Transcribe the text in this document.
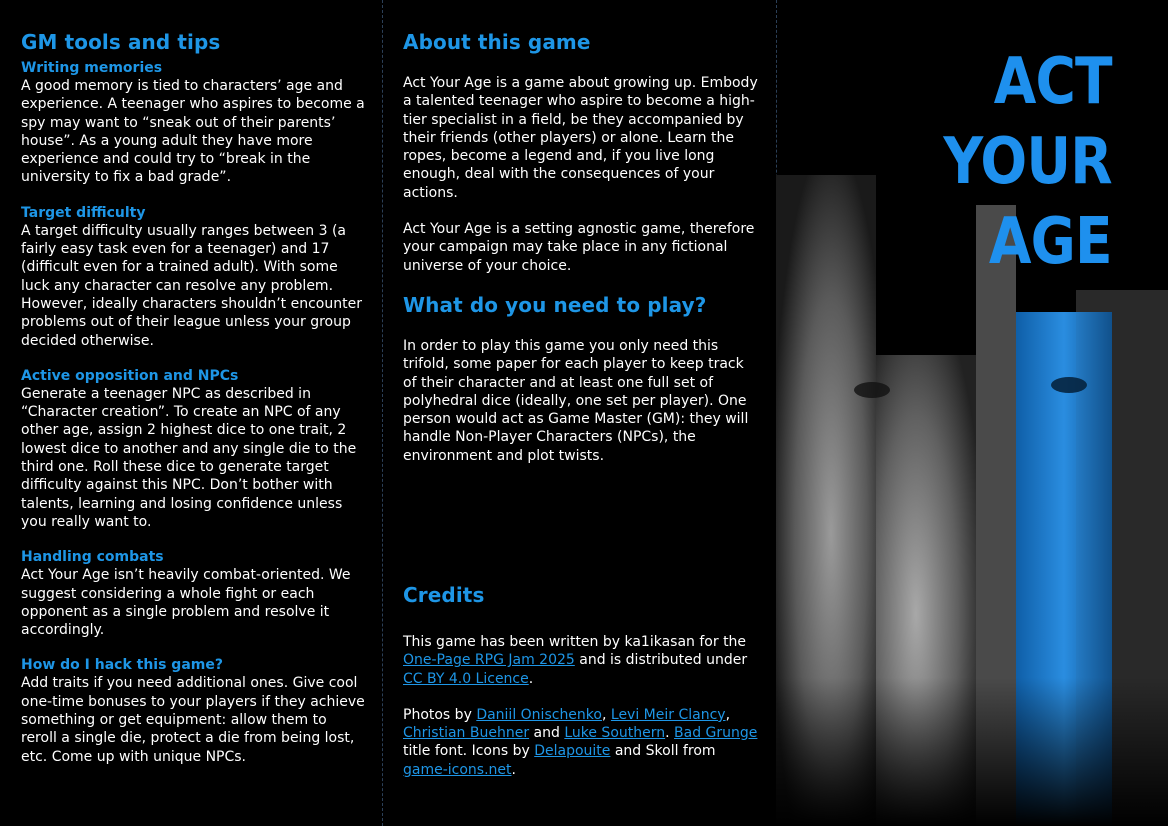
GM tools and tips
Writing memories

A good memory is tied to characters’ age and experience. A teenager who aspires to become a spy may want to “sneak out of their parents’ house”. As a young adult they have more experience and could try to “break in the university to fix a bad grade”.

Target difficulty

A target difficulty usually ranges between 3 (a fairly easy task even for a teenager) and 17 (difficult even for a trained adult). With some luck any character can resolve any problem. However, ideally characters shouldn’t encounter problems out of their league unless your group decided otherwise.

Active opposition and NPCs

Generate a teenager NPC as described in “Character creation”. To create an NPC of any other age, assign 2 highest dice to one trait, 2 lowest dice to another and any single die to the third one. Roll these dice to generate target difficulty against this NPC. Don’t bother with talents, learning and losing confidence unless you really want to.

Handling combats

Act Your Age isn’t heavily combat-oriented. We suggest considering a whole fight or each opponent as a single problem and resolve it accordingly.

How do I hack this game?

Add traits if you need additional ones. Give cool one-time bonuses to your players if they achieve something or get equipment: allow them to reroll a single die, protect a die from being lost, etc. Come up with unique NPCs.

About this game

Act Your Age is a game about growing up. Embody a talented teenager who aspire to become a high-tier specialist in a field, be they accompanied by their friends (other players) or alone. Learn the ropes, become a legend and, if you live long enough, deal with the consequences of your actions.

Act Your Age is a setting agnostic game, therefore your campaign may take place in any fictional universe of your choice.

What do you need to play?

In order to play this game you only need this trifold, some paper for each player to keep track of their character and at least one full set of polyhedral dice (ideally, one set per player). One person would act as Game Master (GM): they will handle Non-Player Characters (NPCs), the environment and plot twists.

Credits

This game has been written by ka1ikasan for the One-Page RPG Jam 2025 and is distributed under CC BY 4.0 Licence.

Photos by Daniil Onischenko, Levi Meir Clancy, Christian Buehner and Luke Southern. Bad Grunge title font. Icons by Delapouite and Skoll from game-icons.net.

ACT
YOUR
AGE
